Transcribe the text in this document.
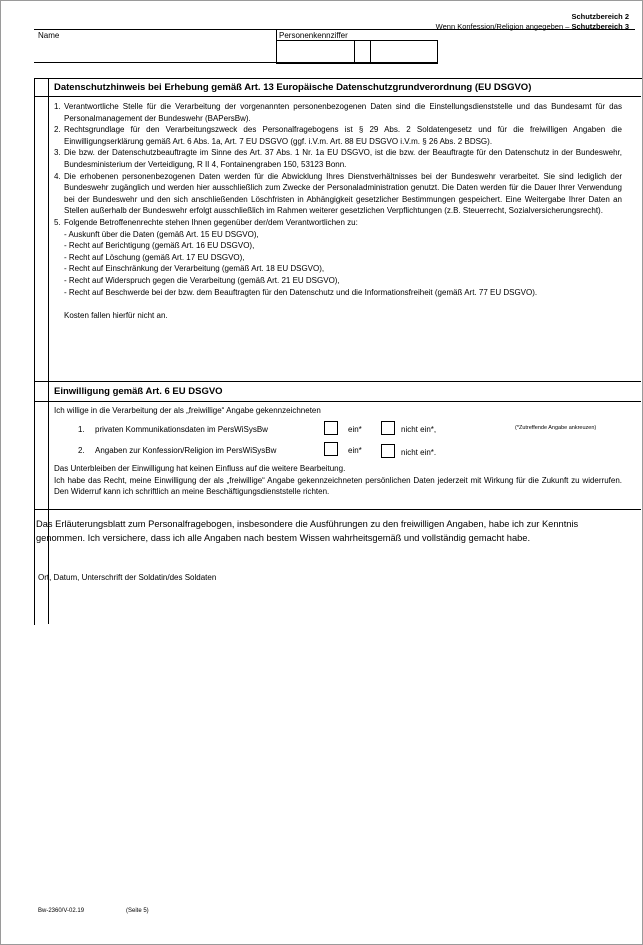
Schutzbereich 2
Wenn Konfession/Religion angegeben – Schutzbereich 3
Name	Personenkennziffer
Datenschutzhinweis bei Erhebung gemäß Art. 13 Europäische Datenschutzgrundverordnung (EU DSGVO)
1. Verantwortliche Stelle für die Verarbeitung der vorgenannten personenbezogenen Daten sind die Einstellungsdienststelle und das Bundesamt für das Personalmanagement der Bundeswehr (BAPersBw).
2. Rechtsgrundlage für den Verarbeitungszweck des Personalfragebogens ist § 29 Abs. 2 Soldatengesetz und für die freiwilligen Angaben die Einwilligungserklärung gemäß Art. 6 Abs. 1a, Art. 7 EU DSGVO (ggf. i.V.m. Art. 88 EU DSGVO i.V.m. § 26 Abs. 2 BDSG).
3. Die bzw. der Datenschutzbeauftragte im Sinne des Art. 37 Abs. 1 Nr. 1a EU DSGVO, ist die bzw. der Beauftragte für den Datenschutz in der Bundeswehr, Bundesministerium der Verteidigung, R II 4, Fontainengraben 150, 53123 Bonn.
4. Die erhobenen personenbezogenen Daten werden für die Abwicklung Ihres Dienstverhältnisses bei der Bundeswehr verarbeitet. Sie sind lediglich der Bundeswehr zugänglich und werden hier ausschließlich zum Zwecke der Personaladministration genutzt. Die Daten werden für die Dauer Ihrer Verwendung bei der Bundeswehr und den sich anschließenden Löschfristen in Abhängigkeit gesetzlicher Bestimmungen gespeichert. Eine Weitergabe Ihrer Daten an Stellen außerhalb der Bundeswehr erfolgt ausschließlich im Rahmen weiterer gesetzlichen Verpflichtungen (z.B. Steuerrecht, Sozialversicherungsrecht).
5. Folgende Betroffenenrechte stehen Ihnen gegenüber der/dem Verantwortlichen zu:
- Auskunft über die Daten (gemäß Art. 15 EU DSGVO),
- Recht auf Berichtigung (gemäß Art. 16 EU DSGVO),
- Recht auf Löschung (gemäß Art. 17 EU DSGVO),
- Recht auf Einschränkung der Verarbeitung (gemäß Art. 18 EU DSGVO),
- Recht auf Widerspruch gegen die Verarbeitung (gemäß Art. 21 EU DSGVO),
- Recht auf Beschwerde bei der bzw. dem Beauftragten für den Datenschutz und die Informationsfreiheit (gemäß Art. 77 EU DSGVO).
Kosten fallen hierfür nicht an.
Einwilligung gemäß Art. 6 EU DSGVO
Ich willige in die Verarbeitung der als „freiwillige“ Angabe gekennzeichneten
1. privaten Kommunikationsdaten im PersWiSysBw	ein*	nicht ein*,	(*Zutreffende Angabe ankreuzen)
2. Angaben zur Konfession/Religion im PersWiSysBw	ein*	nicht ein*.
Das Unterbleiben der Einwilligung hat keinen Einfluss auf die weitere Bearbeitung.
Ich habe das Recht, meine Einwilligung der als „freiwillige“ Angabe gekennzeichneten persönlichen Daten jederzeit mit Wirkung für die Zukunft zu widerrufen. Den Widerruf kann ich schriftlich an meine Beschäftigungsdienststelle richten.
Das Erläuterungsblatt zum Personalfragebogen, insbesondere die Ausführungen zu den freiwilligen Angaben, habe ich zur Kenntnis genommen. Ich versichere, dass ich alle Angaben nach bestem Wissen wahrheitsgemäß und vollständig gemacht habe.
Ort, Datum, Unterschrift der Soldatin/des Soldaten
Bw-2360/V-02.19	(Seite 5)
